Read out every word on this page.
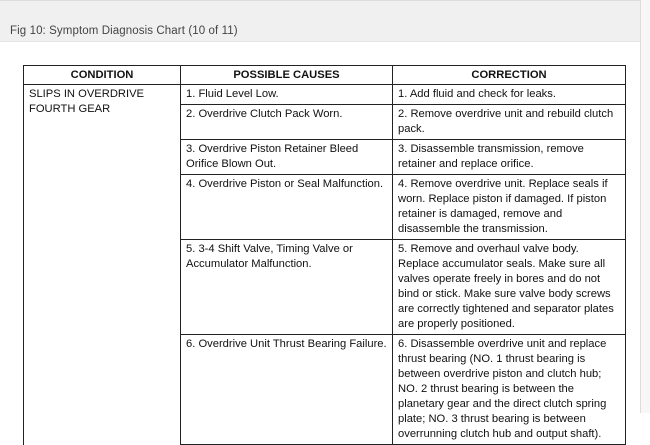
Fig 10: Symptom Diagnosis Chart (10 of 11)
CONDITION	POSSIBLE CAUSES	CORRECTION
SLIPS IN OVERDRIVE FOURTH GEAR	1. Fluid Level Low.	1. Add fluid and check for leaks.
	2. Overdrive Clutch Pack Worn.	2. Remove overdrive unit and rebuild clutch pack.
	3. Overdrive Piston Retainer Bleed Orifice Blown Out.	3. Disassemble transmission, remove retainer and replace orifice.
	4. Overdrive Piston or Seal Malfunction.	4. Remove overdrive unit. Replace seals if worn. Replace piston if damaged. If piston retainer is damaged, remove and disassemble the transmission.
	5. 3-4 Shift Valve, Timing Valve or Accumulator Malfunction.	5. Remove and overhaul valve body. Replace accumulator seals. Make sure all valves operate freely in bores and do not bind or stick. Make sure valve body screws are correctly tightened and separator plates are properly positioned.
	6. Overdrive Unit Thrust Bearing Failure.	6. Disassemble overdrive unit and replace thrust bearing (NO. 1 thrust bearing is between overdrive piston and clutch hub; NO. 2 thrust bearing is between the planetary gear and the direct clutch spring plate; NO. 3 thrust bearing is between overrunning clutch hub and output shaft).
